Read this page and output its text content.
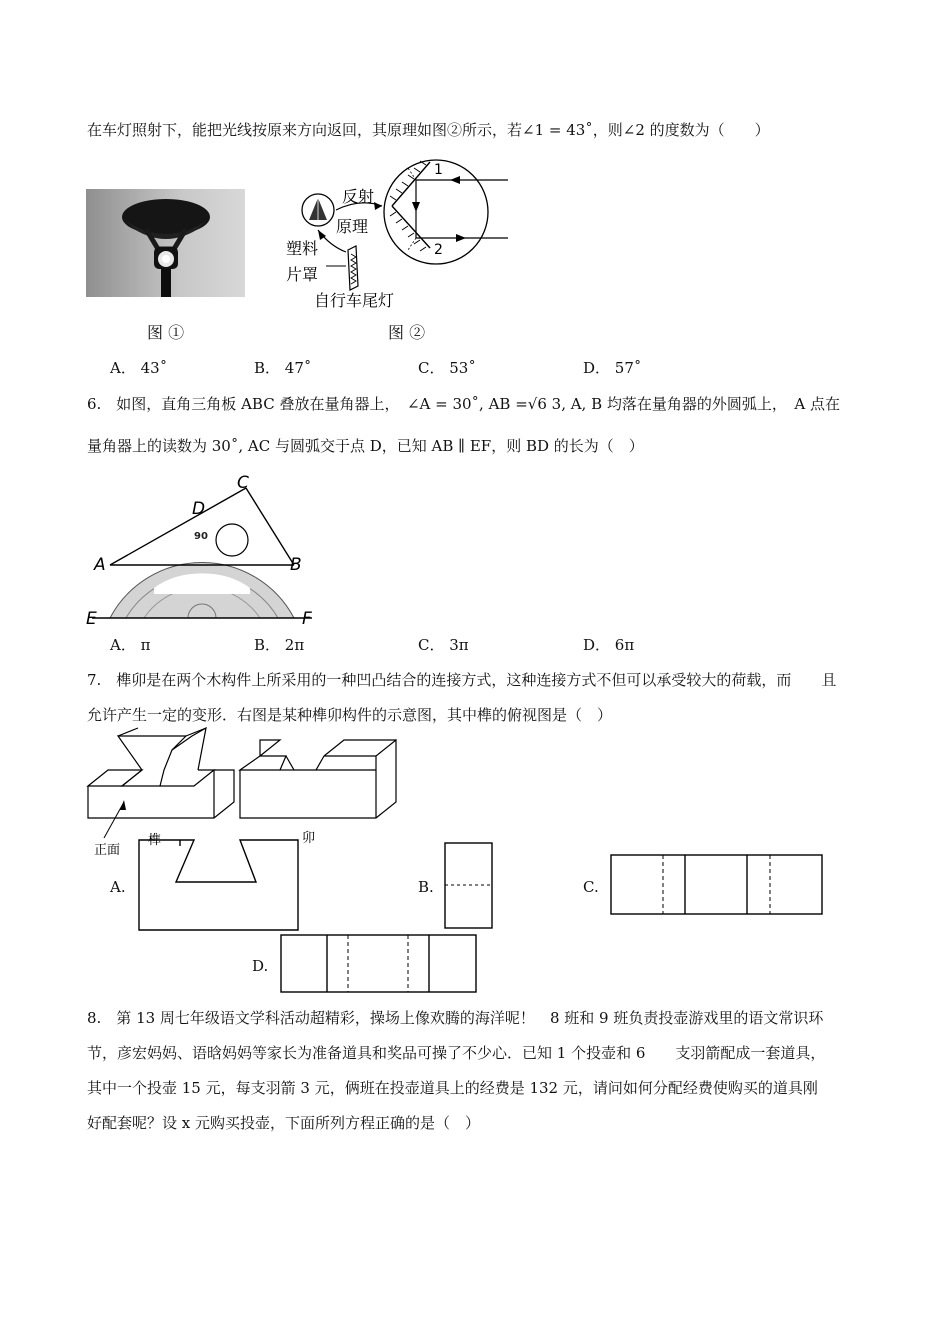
在车灯照射下，能把光线按原来方向返回，其原理如图②所示，若∠1 = 43˚，则∠2 的度数为（　　）
图 ①
1
2
反射
原理
塑料
片罩
自行车尾灯
图 ②
A． 43˚	B． 47˚	C． 53˚	D． 57˚
6.　如图，直角三角板 ABC 叠放在量角器上，　∠A = 30˚, AB =√6 3, A, B 均落在量角器的外圆弧上，　A 点在
量角器上的读数为 30˚, AC 与圆弧交于点 D，已知 AB ∥ EF，则 BD 的长为（　）
90
A	B
C
D
E	F
A． π	B． 2π	C． 3π	D． 6π
7.　榫卯是在两个木构件上所采用的一种凹凸结合的连接方式，这种连接方式不但可以承受较大的荷载，而　　且
允许产生一定的变形．右图是某种榫卯构件的示意图，其中榫的俯视图是（　）
正面
榫	卯
A.	B.	C.
D.
8.　第 13 周七年级语文学科活动超精彩，操场上像欢腾的海洋呢！　8 班和 9 班负责投壶游戏里的语文常识环
节，彦宏妈妈、语晗妈妈等家长为准备道具和奖品可操了不少心．已知 1 个投壶和 6　　支羽箭配成一套道具，
其中一个投壶 15 元，每支羽箭 3 元，俩班在投壶道具上的经费是 132 元，请问如何分配经费使购买的道具刚
好配套呢？设 x 元购买投壶，下面所列方程正确的是（　）
